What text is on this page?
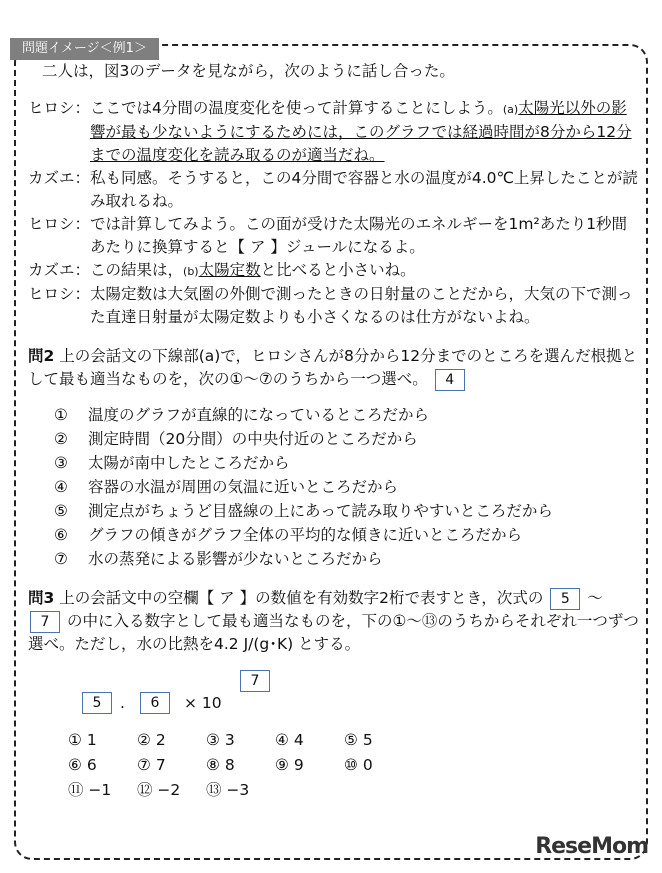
問題イメージ＜例1＞
二人は，図3のデータを見ながら，次のように話し合った。
ヒロシ： ここでは4分間の温度変化を使って計算することにしよう。(a)太陽光以外の影響が最も少ないようにするためには，このグラフでは経過時間が8分から12分までの温度変化を読み取るのが適当だね。
カズエ： 私も同感。そうすると，この4分間で容器と水の温度が4.0℃上昇したことが読み取れるね。
ヒロシ： では計算してみよう。この面が受けた太陽光のエネルギーを1m²あたり1秒間あたりに換算すると【 ア 】ジュールになるよ。
カズエ： この結果は，(b)太陽定数と比べると小さいね。
ヒロシ： 太陽定数は大気圏の外側で測ったときの日射量のことだから，大気の下で測った直達日射量が太陽定数よりも小さくなるのは仕方がないよね。
問2 上の会話文の下線部(a)で，ヒロシさんが8分から12分までのところを選んだ根拠として最も適当なものを，次の①～⑦のうちから一つ選べ。 4
① 温度のグラフが直線的になっているところだから
② 測定時間（20分間）の中央付近のところだから
③ 太陽が南中したところだから
④ 容器の水温が周囲の気温に近いところだから
⑤ 測定点がちょうど目盛線の上にあって読み取りやすいところだから
⑥ グラフの傾きがグラフ全体の平均的な傾きに近いところだから
⑦ 水の蒸発による影響が少ないところだから
問3 上の会話文中の空欄【 ア 】の数値を有効数字2桁で表すとき，次式の 5 ～ 7 の中に入る数字として最も適当なものを，下の①～⑬のうちからそれぞれ一つずつ選べ。ただし，水の比熱を4.2 J/(g･K) とする。
5	.	6	× 10
7
① 1	② 2	③ 3	④ 4	⑤ 5
⑥ 6	⑦ 7	⑧ 8	⑨ 9	⑩ 0
⑪ −1 ⑫ −2 ⑬ −3
ReseMom
